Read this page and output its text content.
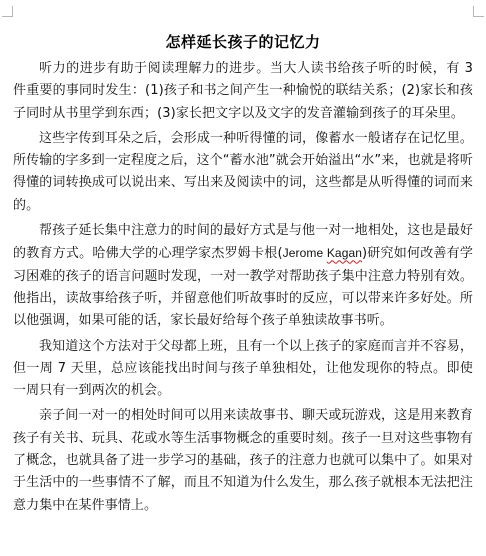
怎样延长孩子的记忆力

听力的进步有助于阅读理解力的进步。当大人读书给孩子听的时候，有 3 件重要的事同时发生：(1)孩子和书之间产生一种愉悦的联结关系；(2)家长和孩子同时从书里学到东西；(3)家长把文字以及文字的发音灌输到孩子的耳朵里。

这些字传到耳朵之后，会形成一种听得懂的词，像蓄水一般诸存在记忆里。所传输的字多到一定程度之后，这个“蓄水池”就会开始溢出“水”来，也就是将听得懂的词转换成可以说出来、写出来及阅读中的词，这些都是从听得懂的词而来的。

帮孩子延长集中注意力的时间的最好方式是与他一对一地相处，这也是最好的教育方式。哈佛大学的心理学家杰罗姆卡根(Jerome Kagan)研究如何改善有学习困难的孩子的语言问题时发现，一对一教学对帮助孩子集中注意力特别有效。他指出，读故事给孩子听，并留意他们听故事时的反应，可以带来许多好处。所以他强调，如果可能的话，家长最好给每个孩子单独读故事书听。

我知道这个方法对于父母都上班，且有一个以上孩子的家庭而言并不容易，但一周 7 天里，总应该能找出时间与孩子单独相处，让他发现你的特点。即使一周只有一到两次的机会。

亲子间一对一的相处时间可以用来读故事书、聊天或玩游戏，这是用来教育孩子有关书、玩具、花或水等生活事物概念的重要时刻。孩子一旦对这些事物有了概念，也就具备了进一步学习的基础，孩子的注意力也就可以集中了。如果对于生活中的一些事情不了解，而且不知道为什么发生，那么孩子就根本无法把注意力集中在某件事情上。
